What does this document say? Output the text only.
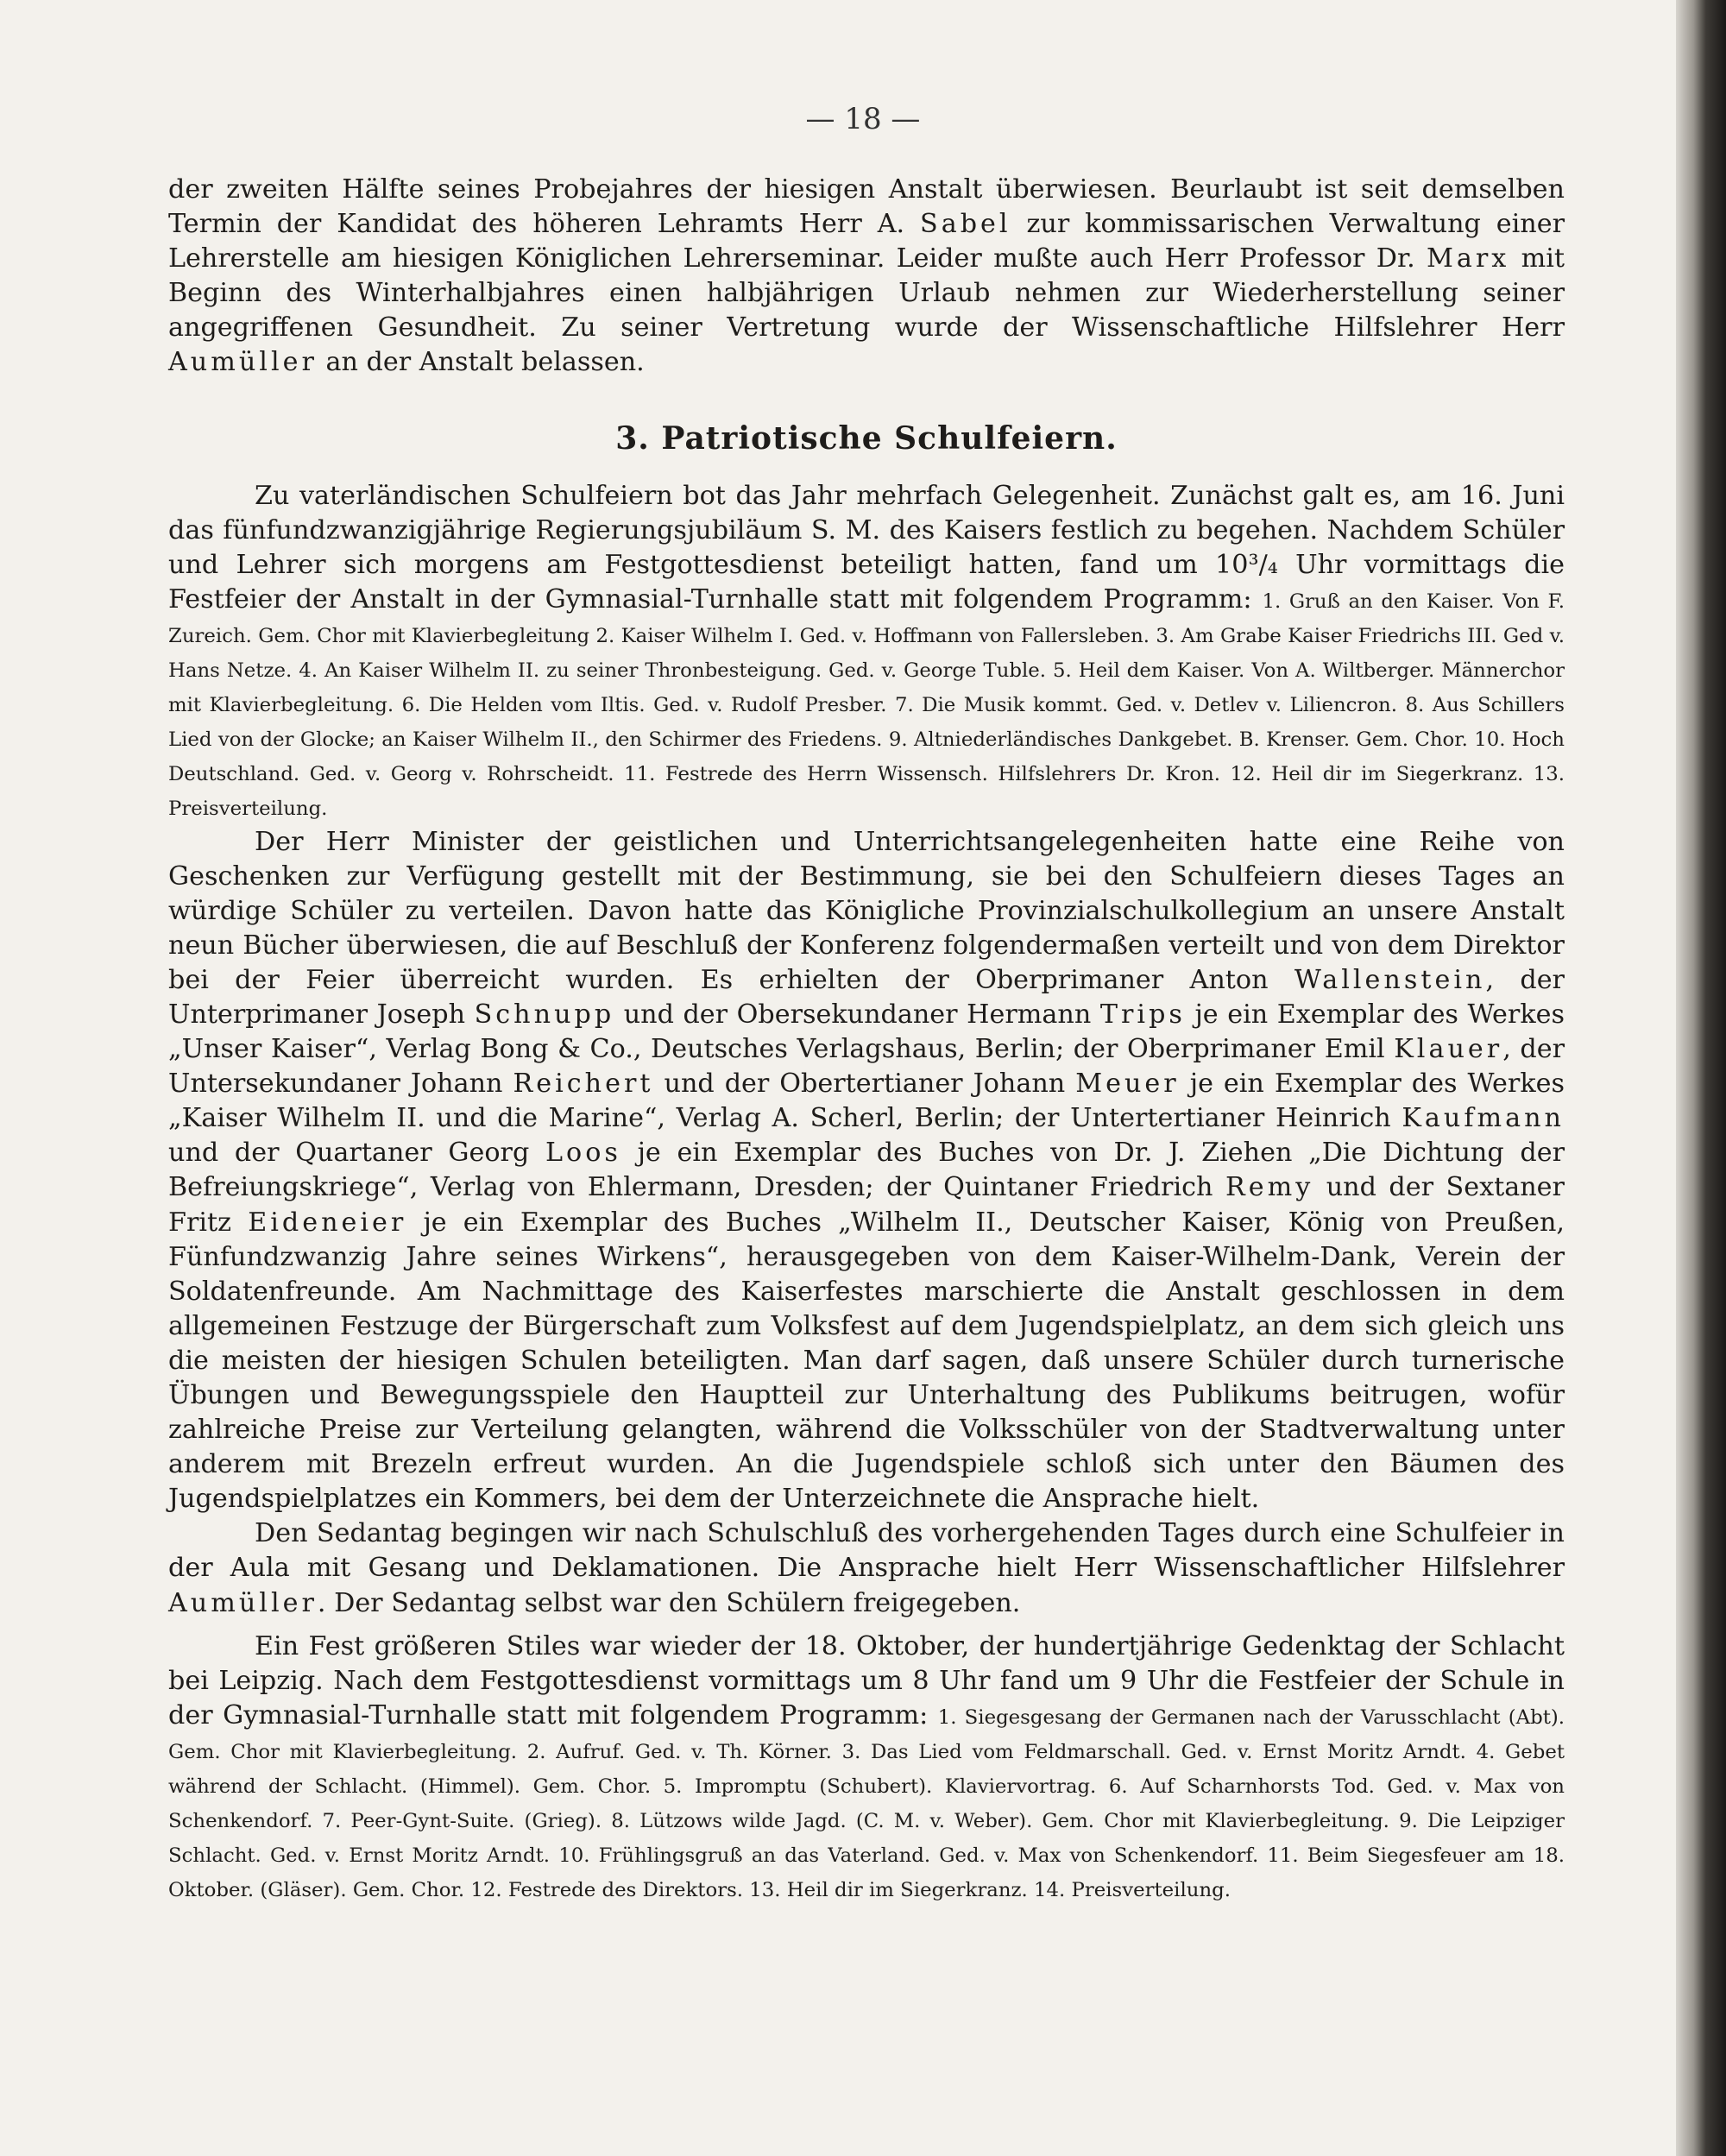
— 18 —

der zweiten Hälfte seines Probejahres der hiesigen Anstalt überwiesen. Beurlaubt ist seit demselben Termin der Kandidat des höheren Lehramts Herr A. Sabel zur kommissarischen Verwaltung einer Lehrerstelle am hiesigen Königlichen Lehrerseminar. Leider mußte auch Herr Professor Dr. Marx mit Beginn des Winterhalbjahres einen halbjährigen Urlaub nehmen zur Wiederherstellung seiner angegriffenen Gesundheit. Zu seiner Vertretung wurde der Wissenschaftliche Hilfslehrer Herr Aumüller an der Anstalt belassen.

3. Patriotische Schulfeiern.

Zu vaterländischen Schulfeiern bot das Jahr mehrfach Gelegenheit. Zunächst galt es, am 16. Juni das fünfundzwanzigjährige Regierungsjubiläum S. M. des Kaisers festlich zu begehen. Nachdem Schüler und Lehrer sich morgens am Festgottesdienst beteiligt hatten, fand um 10³/₄ Uhr vormittags die Festfeier der Anstalt in der Gymnasial-Turnhalle statt mit folgendem Programm: 1. Gruß an den Kaiser. Von F. Zureich. Gem. Chor mit Klavierbegleitung 2. Kaiser Wilhelm I. Ged. v. Hoffmann von Fallersleben. 3. Am Grabe Kaiser Friedrichs III. Ged v. Hans Netze. 4. An Kaiser Wilhelm II. zu seiner Thronbesteigung. Ged. v. George Tuble. 5. Heil dem Kaiser. Von A. Wiltberger. Männerchor mit Klavierbegleitung. 6. Die Helden vom Iltis. Ged. v. Rudolf Presber. 7. Die Musik kommt. Ged. v. Detlev v. Liliencron. 8. Aus Schillers Lied von der Glocke; an Kaiser Wilhelm II., den Schirmer des Friedens. 9. Altniederländisches Dankgebet. B. Krenser. Gem. Chor. 10. Hoch Deutschland. Ged. v. Georg v. Rohrscheidt. 11. Festrede des Herrn Wissensch. Hilfslehrers Dr. Kron. 12. Heil dir im Siegerkranz. 13. Preisverteilung.

Der Herr Minister der geistlichen und Unterrichtsangelegenheiten hatte eine Reihe von Geschenken zur Verfügung gestellt mit der Bestimmung, sie bei den Schulfeiern dieses Tages an würdige Schüler zu verteilen. Davon hatte das Königliche Provinzialschulkollegium an unsere Anstalt neun Bücher überwiesen, die auf Beschluß der Konferenz folgendermaßen verteilt und von dem Direktor bei der Feier überreicht wurden. Es erhielten der Oberprimaner Anton Wallenstein, der Unterprimaner Joseph Schnupp und der Obersekundaner Hermann Trips je ein Exemplar des Werkes „Unser Kaiser“, Verlag Bong & Co., Deutsches Verlagshaus, Berlin; der Oberprimaner Emil Klauer, der Untersekundaner Johann Reichert und der Obertertianer Johann Meuer je ein Exemplar des Werkes „Kaiser Wilhelm II. und die Marine“, Verlag A. Scherl, Berlin; der Untertertianer Heinrich Kaufmann und der Quartaner Georg Loos je ein Exemplar des Buches von Dr. J. Ziehen „Die Dichtung der Befreiungskriege“, Verlag von Ehlermann, Dresden; der Quintaner Friedrich Remy und der Sextaner Fritz Eideneier je ein Exemplar des Buches „Wilhelm II., Deutscher Kaiser, König von Preußen, Fünfundzwanzig Jahre seines Wirkens“, herausgegeben von dem Kaiser-Wilhelm-Dank, Verein der Soldatenfreunde. Am Nachmittage des Kaiserfestes marschierte die Anstalt geschlossen in dem allgemeinen Festzuge der Bürgerschaft zum Volksfest auf dem Jugendspielplatz, an dem sich gleich uns die meisten der hiesigen Schulen beteiligten. Man darf sagen, daß unsere Schüler durch turnerische Übungen und Bewegungsspiele den Hauptteil zur Unterhaltung des Publikums beitrugen, wofür zahlreiche Preise zur Verteilung gelangten, während die Volksschüler von der Stadtverwaltung unter anderem mit Brezeln erfreut wurden. An die Jugendspiele schloß sich unter den Bäumen des Jugendspielplatzes ein Kommers, bei dem der Unterzeichnete die Ansprache hielt.

Den Sedantag begingen wir nach Schulschluß des vorhergehenden Tages durch eine Schulfeier in der Aula mit Gesang und Deklamationen. Die Ansprache hielt Herr Wissenschaftlicher Hilfslehrer Aumüller. Der Sedantag selbst war den Schülern freigegeben.

Ein Fest größeren Stiles war wieder der 18. Oktober, der hundertjährige Gedenktag der Schlacht bei Leipzig. Nach dem Festgottesdienst vormittags um 8 Uhr fand um 9 Uhr die Festfeier der Schule in der Gymnasial-Turnhalle statt mit folgendem Programm: 1. Siegesgesang der Germanen nach der Varusschlacht (Abt). Gem. Chor mit Klavierbegleitung. 2. Aufruf. Ged. v. Th. Körner. 3. Das Lied vom Feldmarschall. Ged. v. Ernst Moritz Arndt. 4. Gebet während der Schlacht. (Himmel). Gem. Chor. 5. Impromptu (Schubert). Klaviervortrag. 6. Auf Scharnhorsts Tod. Ged. v. Max von Schenkendorf. 7. Peer-Gynt-Suite. (Grieg). 8. Lützows wilde Jagd. (C. M. v. Weber). Gem. Chor mit Klavierbegleitung. 9. Die Leipziger Schlacht. Ged. v. Ernst Moritz Arndt. 10. Frühlingsgruß an das Vaterland. Ged. v. Max von Schenkendorf. 11. Beim Siegesfeuer am 18. Oktober. (Gläser). Gem. Chor. 12. Festrede des Direktors. 13. Heil dir im Siegerkranz. 14. Preisverteilung.
